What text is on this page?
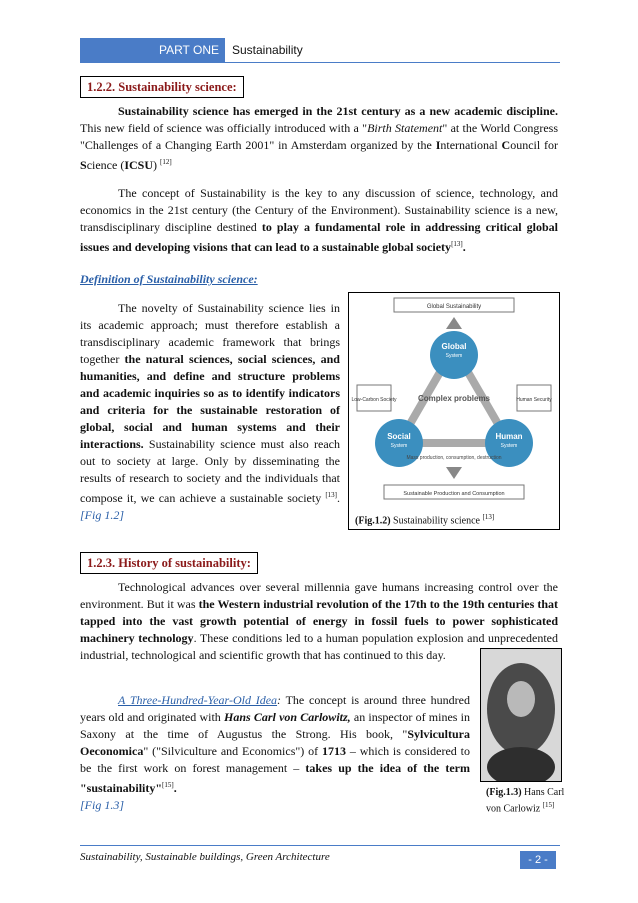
PART ONE	Sustainability
1.2.2. Sustainability science:

Sustainability science has emerged in the 21st century as a new academic discipline. This new field of science was officially introduced with a "Birth Statement" at the World Congress "Challenges of a Changing Earth 2001" in Amsterdam organized by the International Council for Science (ICSU) [12]

The concept of Sustainability is the key to any discussion of science, technology, and economics in the 21st century (the Century of the Environment). Sustainability science is a new, transdisciplinary discipline destined to play a fundamental role in addressing critical global issues and developing visions that can lead to a sustainable global society[13].

Definition of Sustainability science:

The novelty of Sustainability science lies in its academic approach; must therefore establish a transdisciplinary academic framework that brings together the natural sciences, social sciences, and humanities, and define and structure problems and academic inquiries so as to identify indicators and criteria for the sustainable restoration of global, social and human systems and their interactions. Sustainability science must also reach out to society at large. Only by disseminating the results of research to society and the individuals that compose it, we can achieve a sustainable society [13]. [Fig 1.2]

Global Sustainability
Sustainable Production and Consumption
Complex problems
Global
System
Social
System
Human
System
Low-Carbon Society	Human Security
Mass production, consumption, destruction
(Fig.1.2) Sustainability science [13]
1.2.3. History of sustainability:

Technological advances over several millennia gave humans increasing control over the environment. But it was the Western industrial revolution of the 17th to the 19th centuries that tapped into the vast growth potential of energy in fossil fuels to power sophisticated machinery technology. These conditions led to a human population explosion and unprecedented industrial, technological and scientific growth that has continued to this day.

A Three-Hundred-Year-Old Idea: The concept is around three hundred years old and originated with Hans Carl von Carlowitz, an inspector of mines in Saxony at the time of Augustus the Strong. His book, "Sylvicultura Oeconomica" ("Silviculture and Economics") of 1713 – which is considered to be the first work on forest management – takes up the idea of the term "sustainability"[15].
[Fig 1.3]

(Fig.1.3) Hans Carl von Carlowiz [15]
Sustainability, Sustainable buildings, Green Architecture	- 2 -
